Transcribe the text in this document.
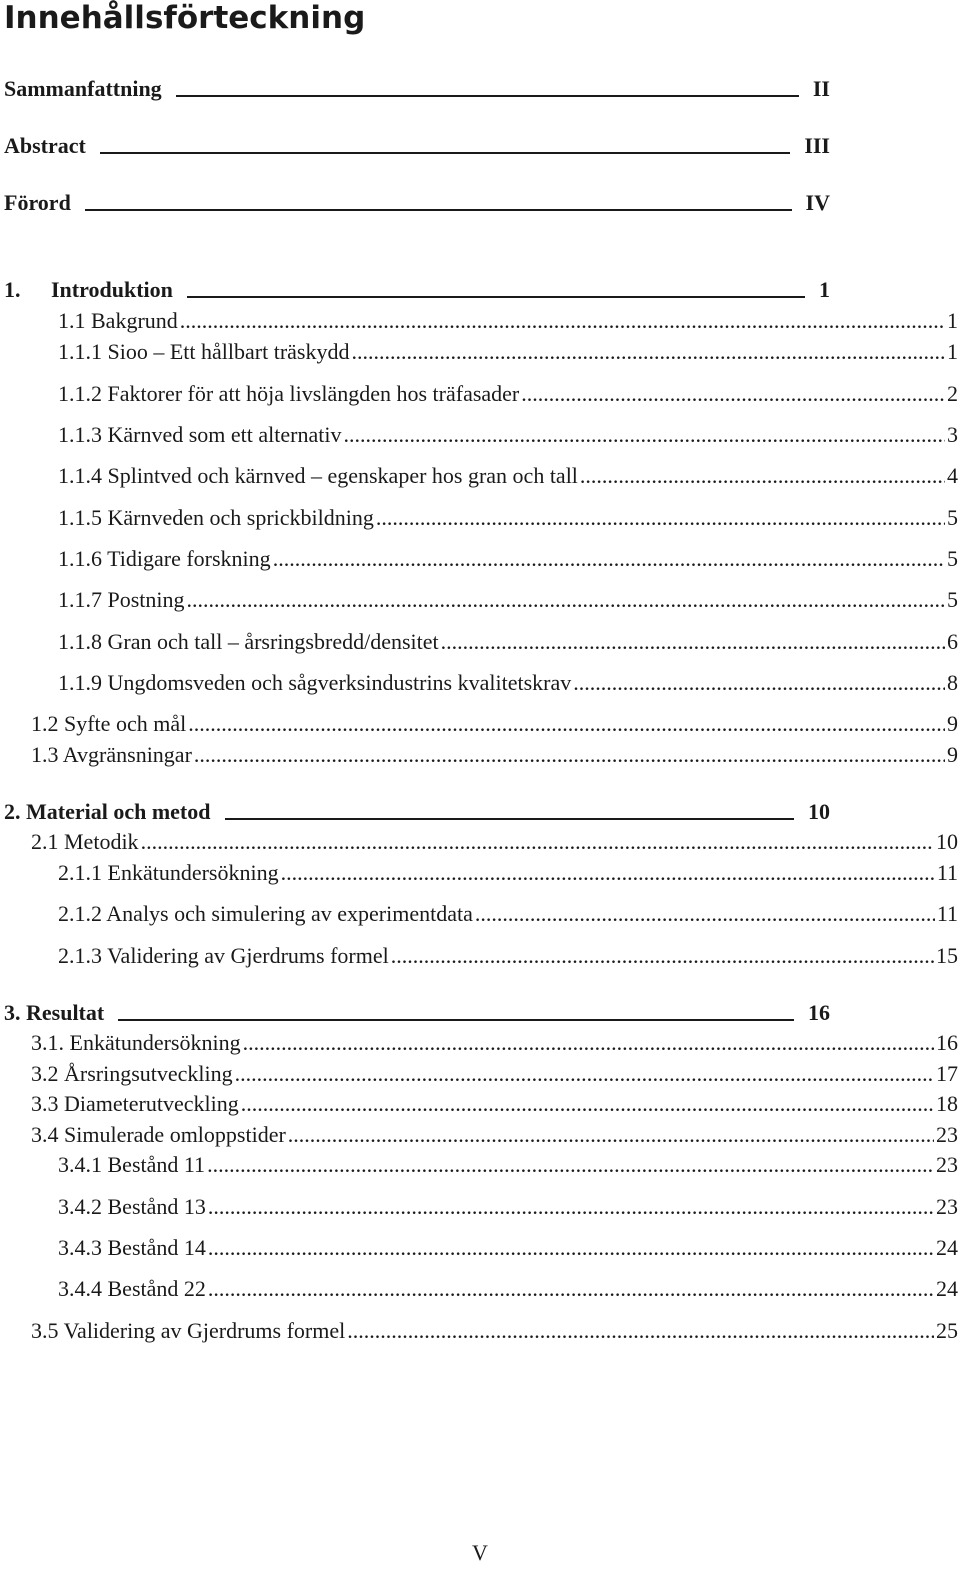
Innehållsförteckning
Sammanfattning	II
Abstract	III
Förord	IV
1. Introduktion	1
1.1 Bakgrund .....	1
1.1.1 Sioo – Ett hållbart träskydd .....	1
1.1.2 Faktorer för att höja livslängden hos träfasader .....	2
1.1.3 Kärnved som ett alternativ .....	3
1.1.4 Splintved och kärnved – egenskaper hos gran och tall .....	4
1.1.5 Kärnveden och sprickbildning .....	5
1.1.6 Tidigare forskning .....	5
1.1.7 Postning .....	5
1.1.8 Gran och tall – årsringsbredd/densitet .....	6
1.1.9 Ungdomsveden och sågverksindustrins kvalitetskrav .....	8
1.2 Syfte och mål .....	9
1.3 Avgränsningar .....	9
2. Material och metod	10
2.1 Metodik .....	10
2.1.1 Enkätundersökning .....	11
2.1.2 Analys och simulering av experimentdata .....	11
2.1.3 Validering av Gjerdrums formel .....	15
3. Resultat	16
3.1. Enkätundersökning .....	16
3.2 Årsringsutveckling .....	17
3.3 Diameterutveckling .....	18
3.4 Simulerade omloppstider .....	23
3.4.1 Bestånd 11 .....	23
3.4.2 Bestånd 13 .....	23
3.4.3 Bestånd 14 .....	24
3.4.4 Bestånd 22 .....	24
3.5 Validering av Gjerdrums formel .....	25
V
